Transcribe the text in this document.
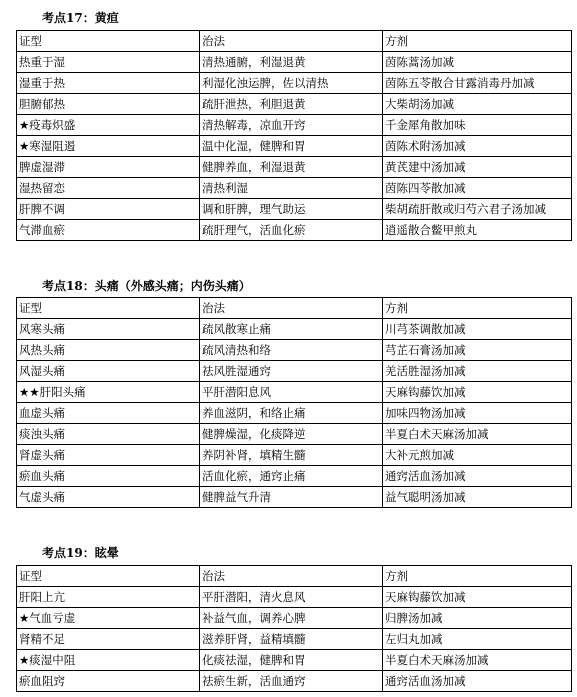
考点17：黄疸
证型	治法	方剂
热重于湿	清热通腑，利湿退黄	茵陈蒿汤加减
湿重于热	利湿化浊运脾，佐以清热	茵陈五苓散合甘露消毒丹加减
胆腑郁热	疏肝泄热，利胆退黄	大柴胡汤加减
★疫毒炽盛	清热解毒，凉血开窍	千金犀角散加味
★寒湿阻遏	温中化湿，健脾和胃	茵陈术附汤加减
脾虚湿滞	健脾养血，利湿退黄	黄芪建中汤加减
湿热留恋	清热利湿	茵陈四苓散加减
肝脾不调	调和肝脾，理气助运	柴胡疏肝散或归芍六君子汤加减
气滞血瘀	疏肝理气，活血化瘀	逍遥散合鳖甲煎丸
考点18：头痛（外感头痛；内伤头痛）
证型	治法	方剂
风寒头痛	疏风散寒止痛	川芎茶调散加减
风热头痛	疏风清热和络	芎芷石膏汤加减
风湿头痛	祛风胜湿通窍	羌活胜湿汤加减
★★肝阳头痛	平肝潜阳息风	天麻钩藤饮加减
血虚头痛	养血滋阴，和络止痛	加味四物汤加减
痰浊头痛	健脾燥湿，化痰降逆	半夏白术天麻汤加减
肾虚头痛	养阴补肾，填精生髓	大补元煎加减
瘀血头痛	活血化瘀，通窍止痛	通窍活血汤加减
气虚头痛	健脾益气升清	益气聪明汤加减
考点19：眩晕
证型	治法	方剂
肝阳上亢	平肝潜阳，清火息风	天麻钩藤饮加减
★气血亏虚	补益气血，调养心脾	归脾汤加减
肾精不足	滋养肝肾，益精填髓	左归丸加减
★痰湿中阻	化痰祛湿，健脾和胃	半夏白术天麻汤加减
瘀血阻窍	祛瘀生新，活血通窍	通窍活血汤加减
